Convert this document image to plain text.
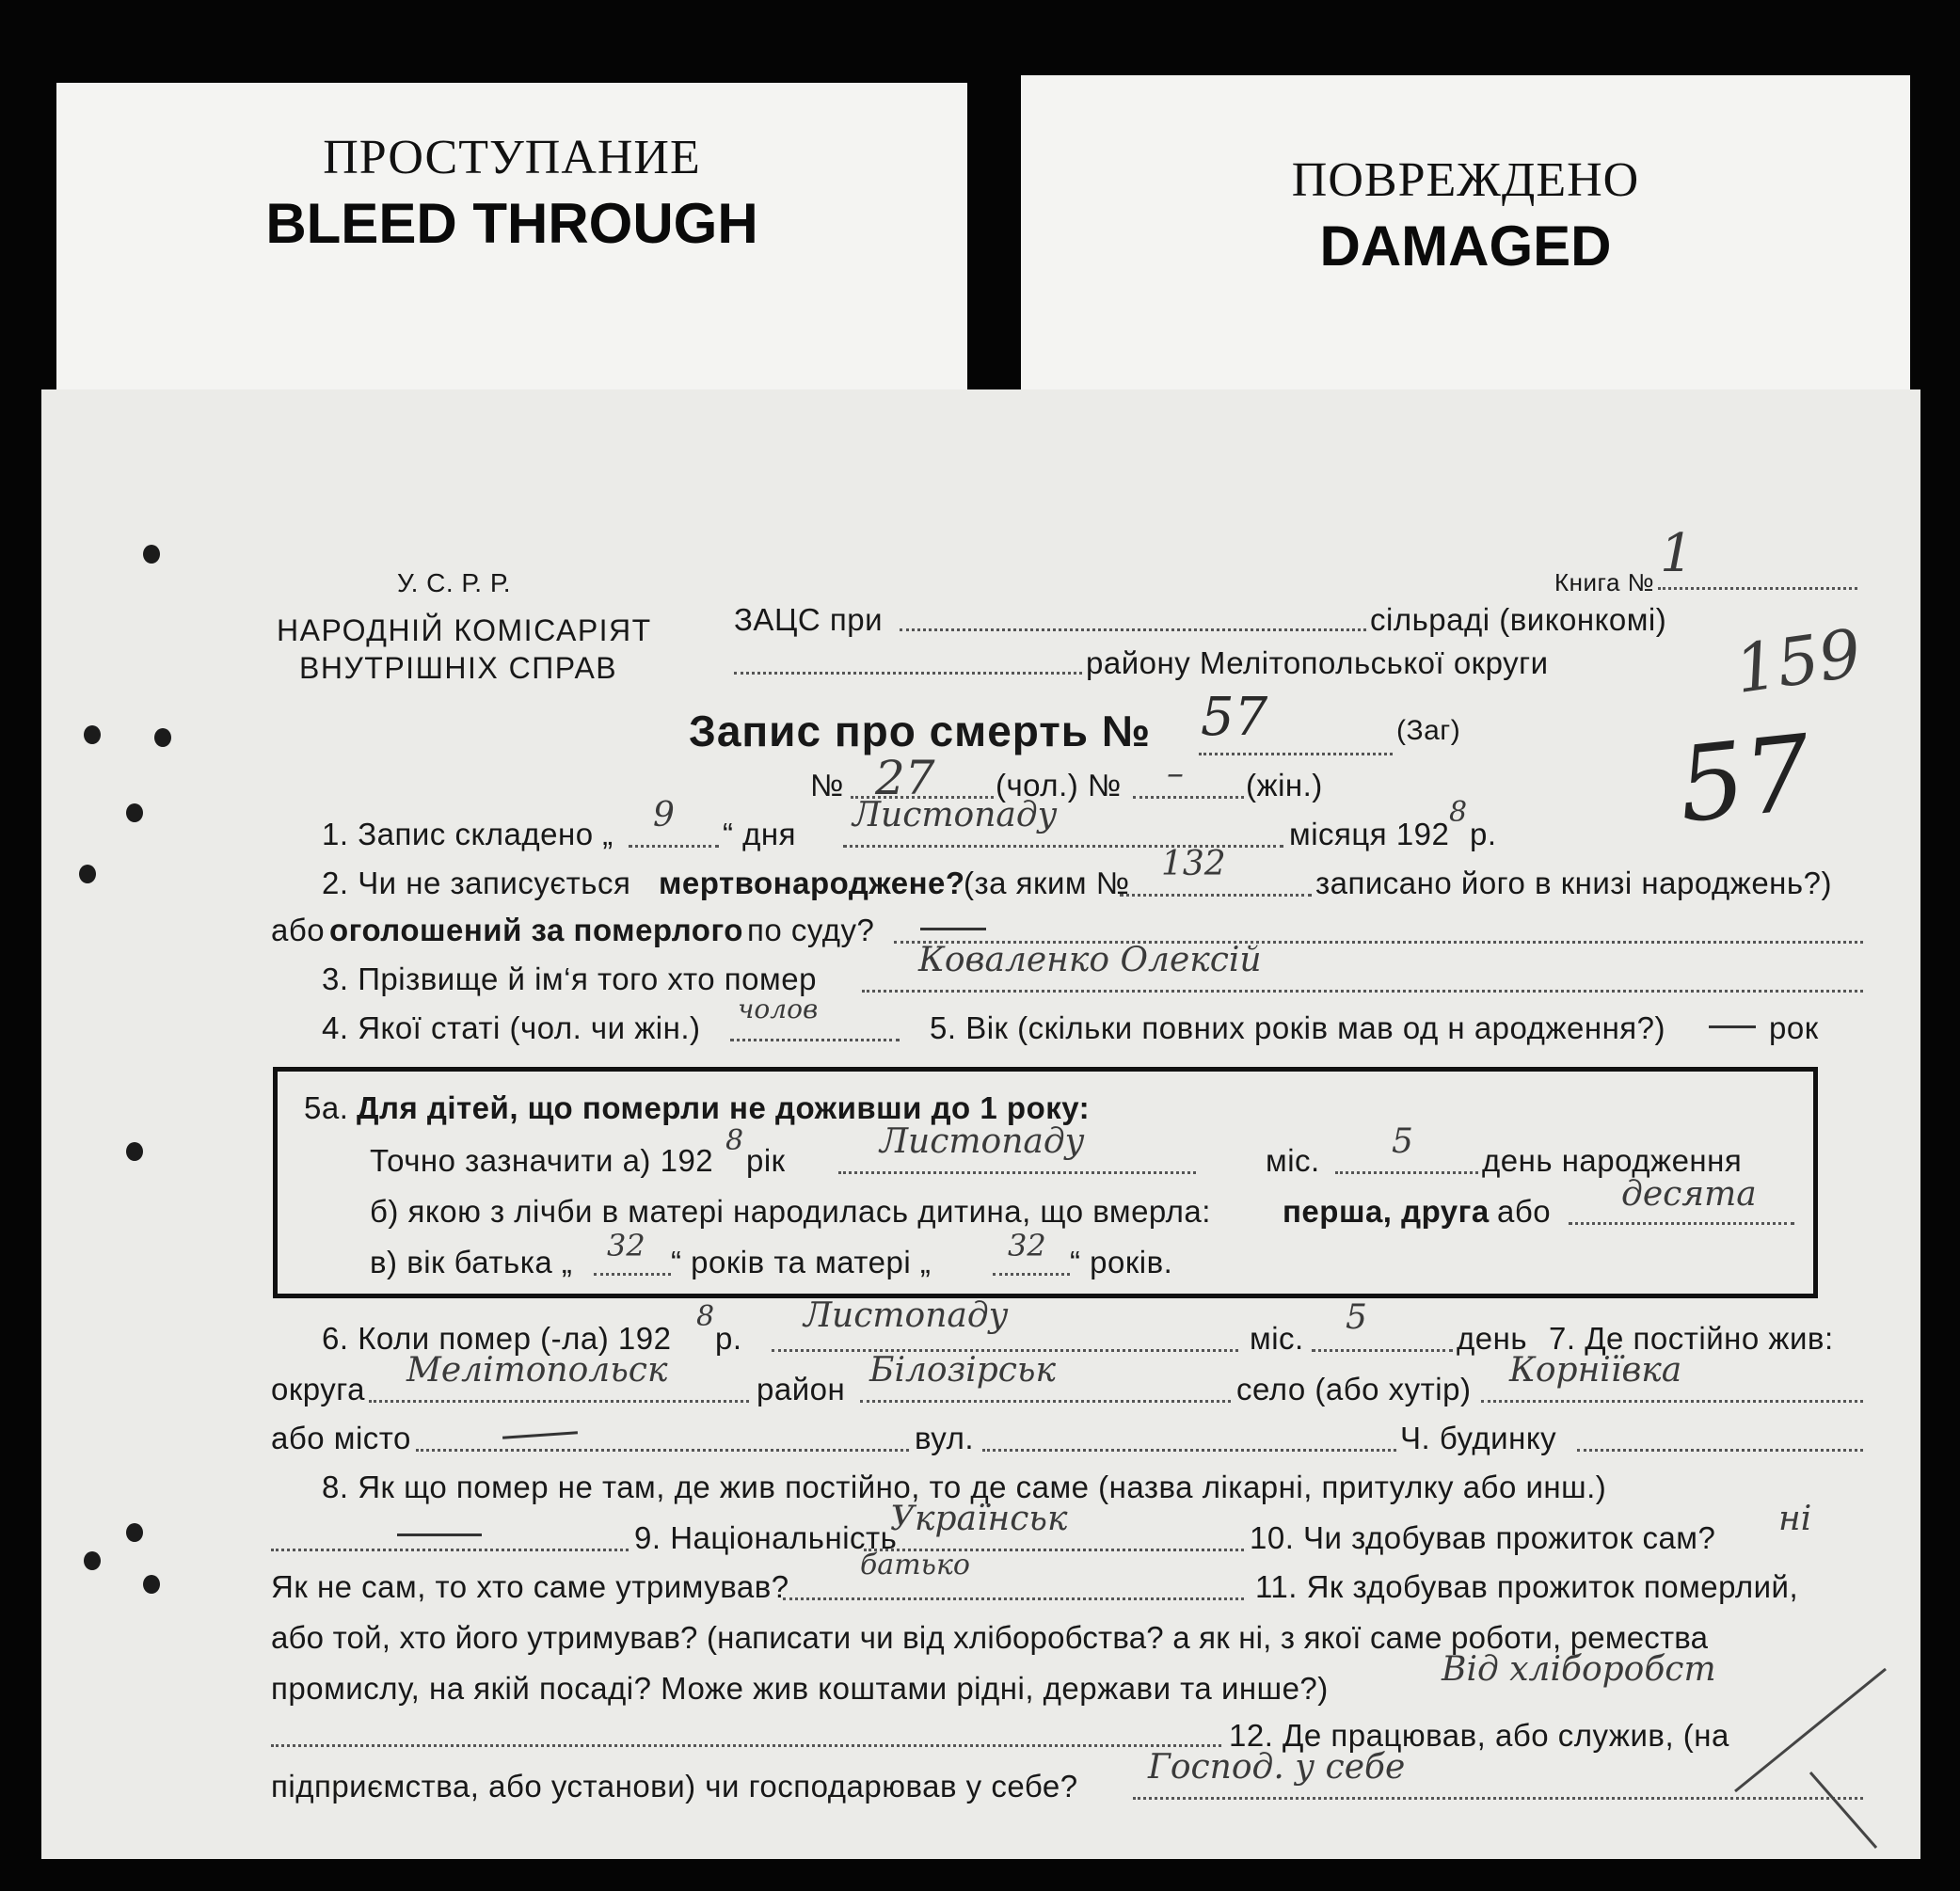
ПРОСТУПАНИЕ
BLEED THROUGH
ПОВРЕЖДЕНО
DAMAGED
У. С. Р. Р.
НАРОДНІЙ КОМІСАРІЯТ
ВНУТРІШНІХ СПРАВ
Книга № 1
ЗАЦС при	сільраді (виконкомі)
районy Мелітопольської округи	159
57
Запис про смерть № 57	(Заг)
№ 27 (чол.) № – (жін.)
1. Запис складено „ 9 “ дня Листопаду	місяця 192
8
р.
2. Чи не записується мертвонароджене?
(за яким № 132	записано його в книзі народжень?)
або оголошений за померлого по суду?
3. Прізвище й ім‘я того хто помер	Коваленко Олексій
4. Якої статі (чол. чи жін.)
чолов
5. Вік (скільки повних років мав од н ародження?)	рок
5а. Для дітей, що померли не доживши до 1 року:
Точно зазначити а) 192
8
рік	Листопаду	міс. 5 день народження
б) якою з лічби в матері народилась дитина, що вмерла: перша, друга або десята
в) вік батька „ 32 “ років та матері „	32 “ років.
6. Коли помер (-ла) 192
8
р.
Листопаду
міс.
5
день 7. Де постійно жив:
округа Мелітопольск	район Білозірськ	село (або хутір) Корніївка
або місто	вул.	Ч. будинку
8. Як що помер не там, де жив постійно, то де саме (назва лікарні, притулку або инш.)
9. Національність
Українськ	10. Чи здобував прожиток сам? ні
Як не сам, то хто саме утримував?
батько
11. Як здобував прожиток померлий,
або той, хто його утримував? (написати чи від хліборобства? а як ні, з якої саме роботи, ремества
промислу, на якій посаді? Може жив коштами рідні, держави та инше?)	Від хліборобст
12. Де працював, або служив, (на
підприємства, або установи) чи господарював у себе? Господ. у себе
